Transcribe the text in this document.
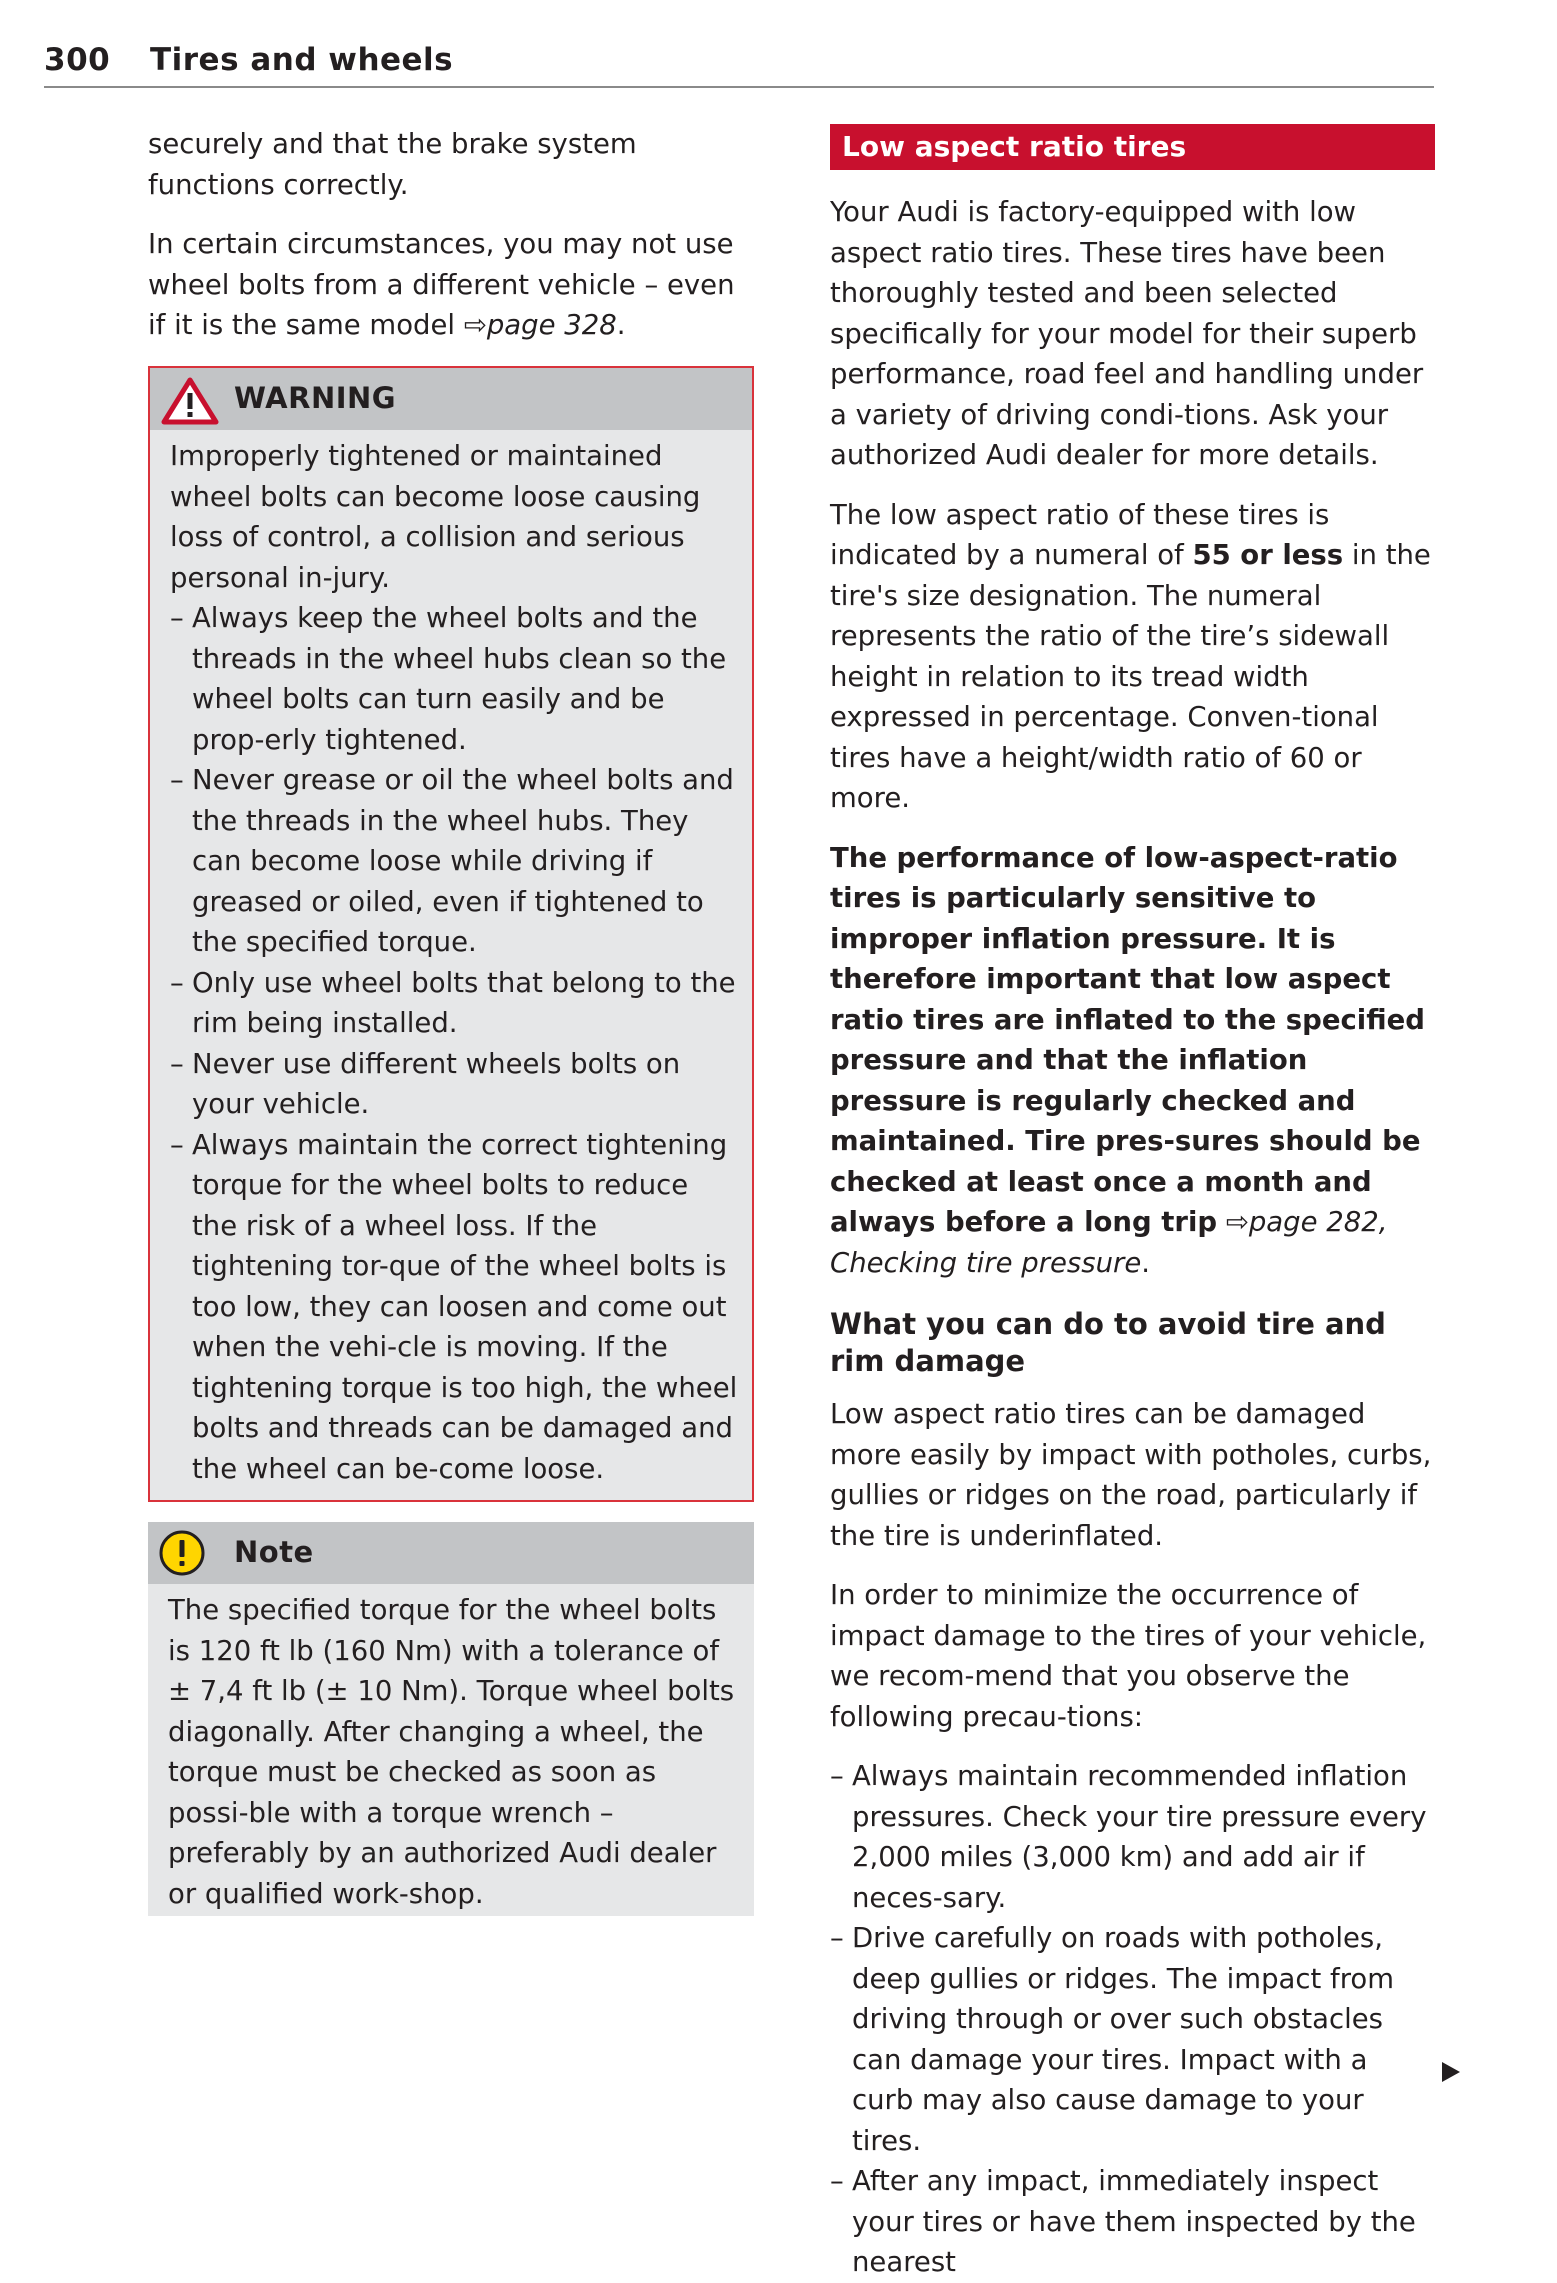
300 Tires and wheels

securely and that the brake system functions correctly.

In certain circumstances, you may not use wheel bolts from a different vehicle – even if it is the same model ⇨page 328.

WARNING

Improperly tightened or maintained wheel bolts can become loose causing loss of control, a collision and serious personal in-jury.

– Always keep the wheel bolts and the threads in the wheel hubs clean so the wheel bolts can turn easily and be prop-erly tightened.
– Never grease or oil the wheel bolts and the threads in the wheel hubs. They can become loose while driving if greased or oiled, even if tightened to the specified torque.
– Only use wheel bolts that belong to the rim being installed.
– Never use different wheels bolts on your vehicle.
– Always maintain the correct tightening torque for the wheel bolts to reduce the risk of a wheel loss. If the tightening tor-que of the wheel bolts is too low, they can loosen and come out when the vehi-cle is moving. If the tightening torque is too high, the wheel bolts and threads can be damaged and the wheel can be-come loose.
Note

The specified torque for the wheel bolts is 120 ft lb (160 Nm) with a tolerance of ± 7,4 ft lb (± 10 Nm). Torque wheel bolts diagonally. After changing a wheel, the torque must be checked as soon as possi-ble with a torque wrench – preferably by an authorized Audi dealer or qualified work-shop.

Low aspect ratio tires

Your Audi is factory-equipped with low aspect ratio tires. These tires have been thoroughly tested and been selected specifically for your model for their superb performance, road feel and handling under a variety of driving condi-tions. Ask your authorized Audi dealer for more details.

The low aspect ratio of these tires is indicated by a numeral of 55 or less in the tire's size designation. The numeral represents the ratio of the tire’s sidewall height in relation to its tread width expressed in percentage. Conven-tional tires have a height/width ratio of 60 or more.

The performance of low-aspect-ratio tires is particularly sensitive to improper inflation pressure. It is therefore important that low aspect ratio tires are inflated to the specified pressure and that the inflation pressure is regularly checked and maintained. Tire pres-sures should be checked at least once a month and always before a long trip ⇨page 282, Checking tire pressure.

What you can do to avoid tire and rim damage

Low aspect ratio tires can be damaged more easily by impact with potholes, curbs, gullies or ridges on the road, particularly if the tire is underinflated.

In order to minimize the occurrence of impact damage to the tires of your vehicle, we recom-mend that you observe the following precau-tions:

– Always maintain recommended inflation pressures. Check your tire pressure every 2,000 miles (3,000 km) and add air if neces-sary.
– Drive carefully on roads with potholes, deep gullies or ridges. The impact from driving through or over such obstacles can damage your tires. Impact with a curb may also cause damage to your tires.
– After any impact, immediately inspect your tires or have them inspected by the nearest
